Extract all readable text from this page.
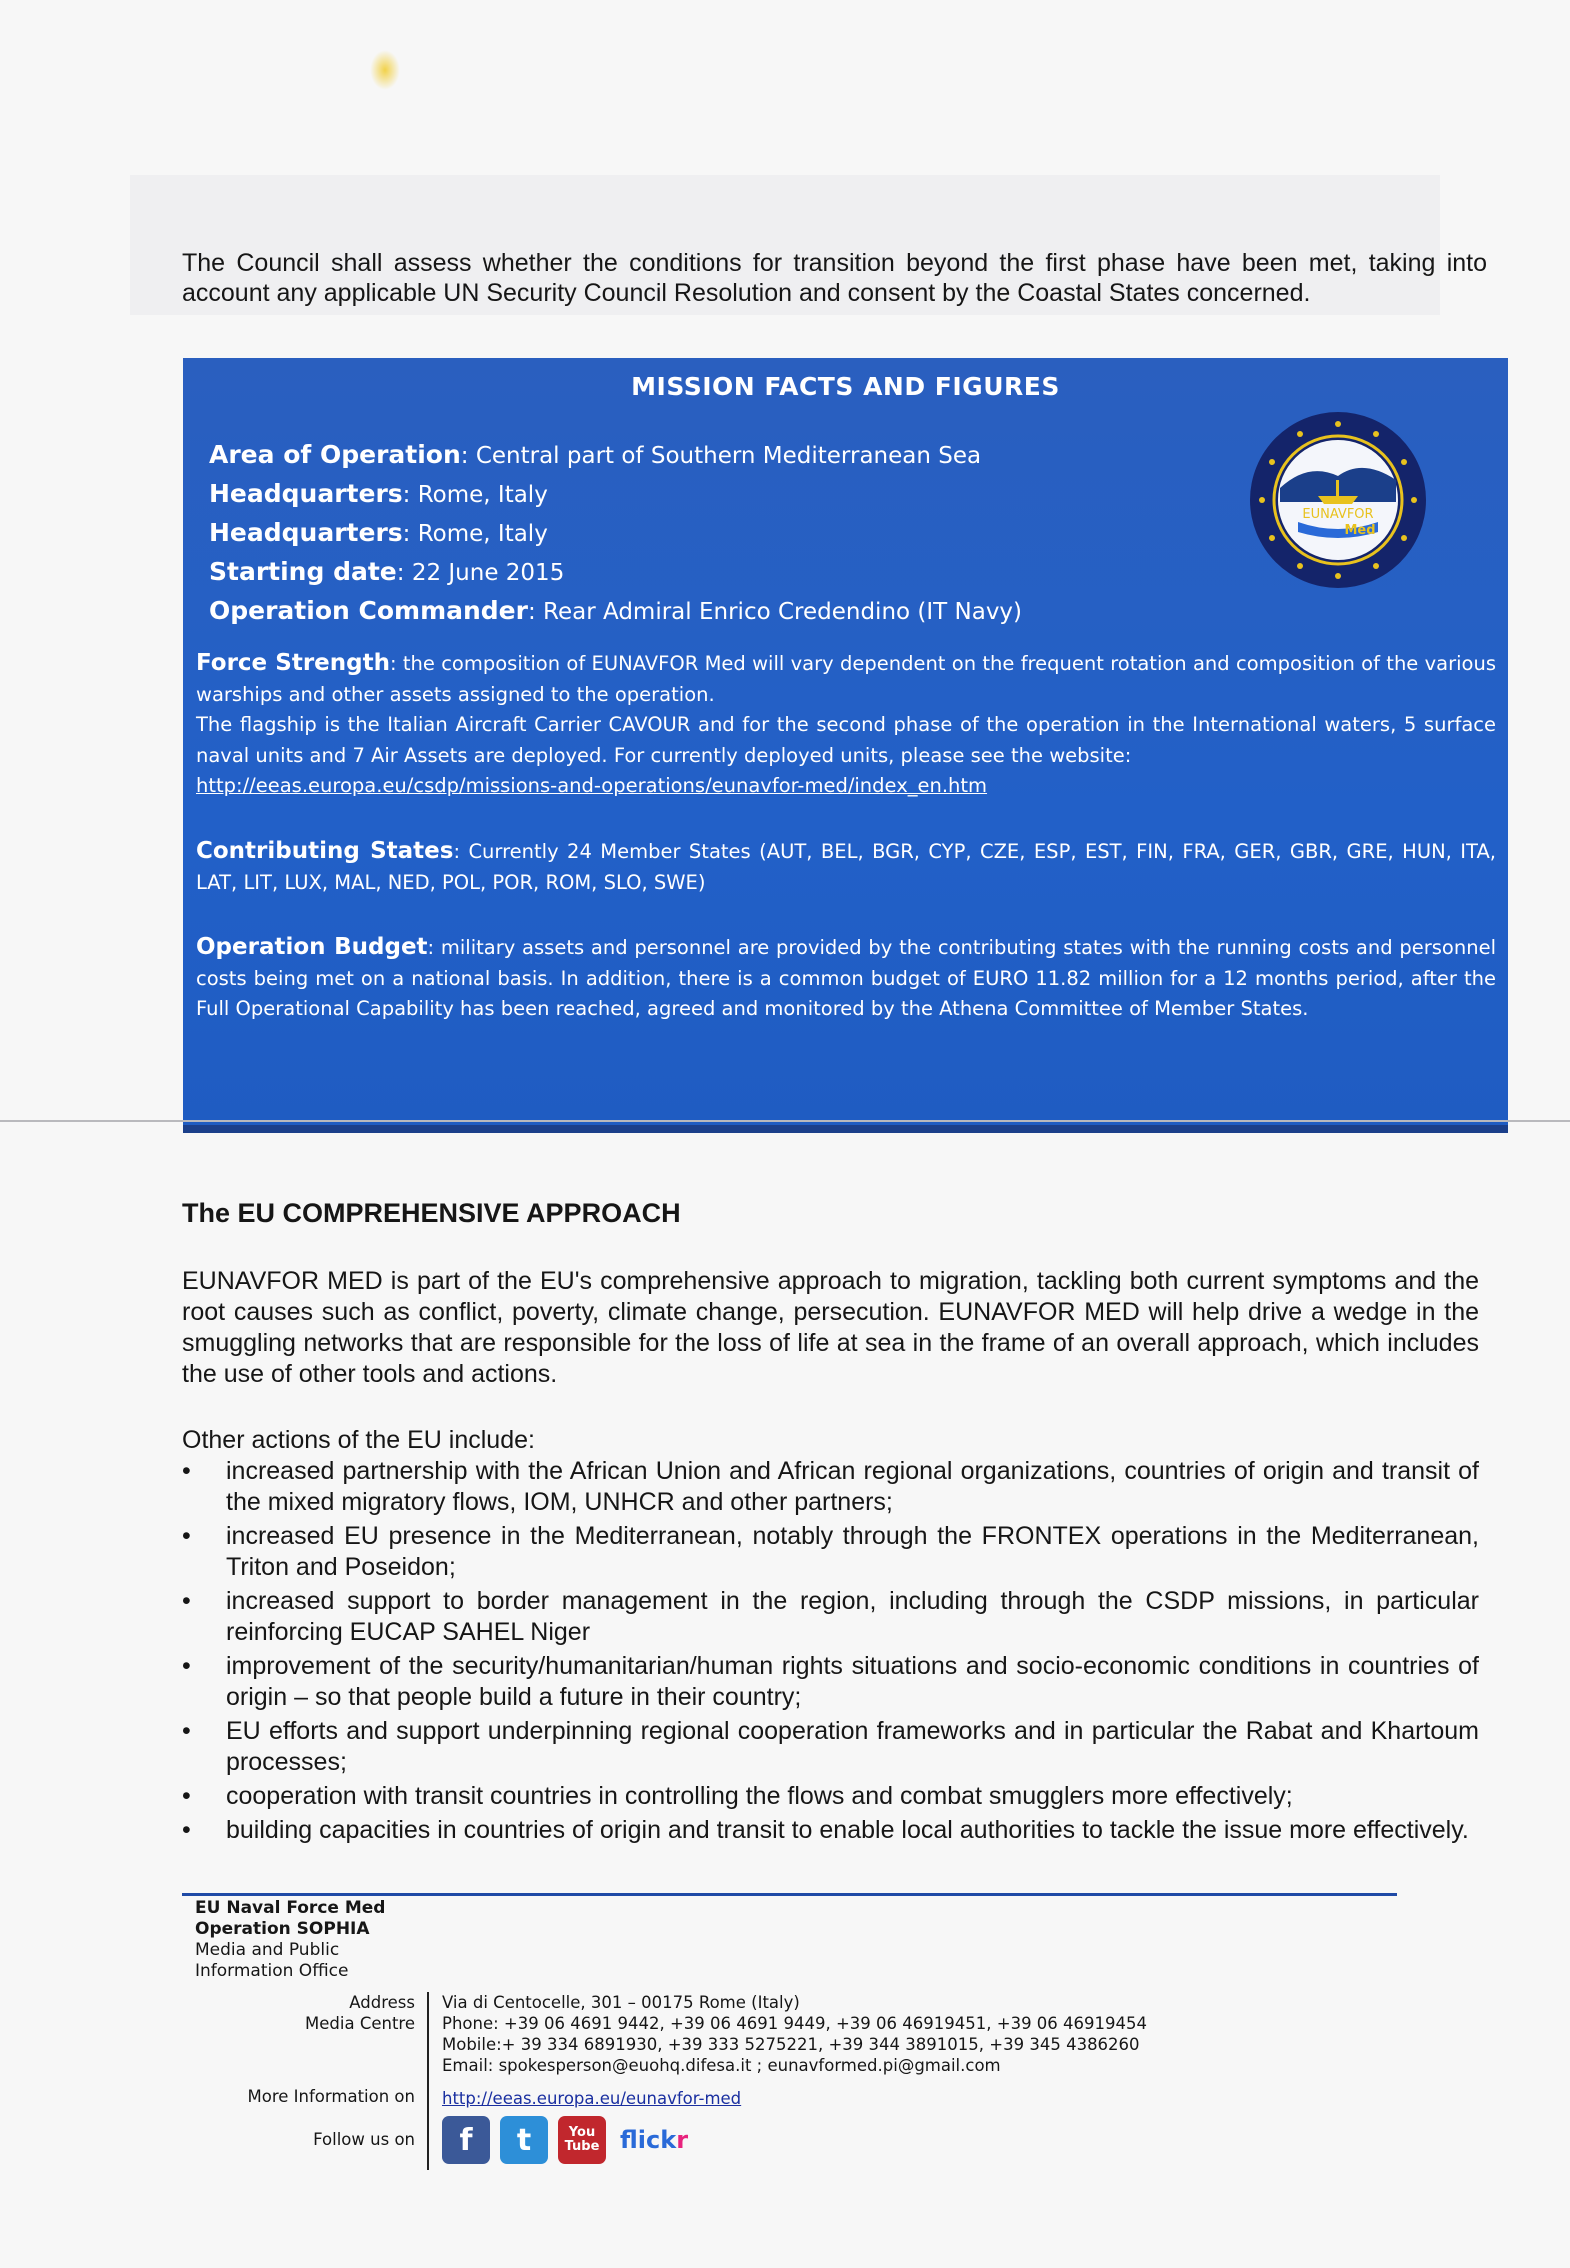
The Council shall assess whether the conditions for transition beyond the first phase have been met, taking into account any applicable UN Security Council Resolution and consent by the Coastal States concerned.

MISSION FACTS AND FIGURES
Area of Operation: Central part of Southern Mediterranean Sea
Headquarters: Rome, Italy
Headquarters: Rome, Italy
Starting date: 22 June 2015
Operation Commander: Rear Admiral Enrico Credendino (IT Navy)
EUNAVFOR
Med
Force Strength: the composition of EUNAVFOR Med will vary dependent on the frequent rotation and composition of the various warships and other assets assigned to the operation.
The flagship is the Italian Aircraft Carrier CAVOUR and for the second phase of the operation in the International waters, 5 surface naval units and 7 Air Assets are deployed. For currently deployed units, please see the website:
http://eeas.europa.eu/csdp/missions-and-operations/eunavfor-med/index_en.htm
Contributing States: Currently 24 Member States (AUT, BEL, BGR, CYP, CZE, ESP, EST, FIN, FRA, GER, GBR, GRE, HUN, ITA, LAT, LIT, LUX, MAL, NED, POL, POR, ROM, SLO, SWE)
Operation Budget: military assets and personnel are provided by the contributing states with the running costs and personnel costs being met on a national basis. In addition, there is a common budget of EURO 11.82 million for a 12 months period, after the Full Operational Capability has been reached, agreed and monitored by the Athena Committee of Member States.
The EU COMPREHENSIVE APPROACH

EUNAVFOR MED is part of the EU's comprehensive approach to migration, tackling both current symptoms and the root causes such as conflict, poverty, climate change, persecution. EUNAVFOR MED will help drive a wedge in the smuggling networks that are responsible for the loss of life at sea in the frame of an overall approach, which includes the use of other tools and actions.

Other actions of the EU include:
• increased partnership with the African Union and African regional organizations, countries of origin and transit of the mixed migratory flows, IOM, UNHCR and other partners;
• increased EU presence in the Mediterranean, notably through the FRONTEX operations in the Mediterranean, Triton and Poseidon;
• increased support to border management in the region, including through the CSDP missions, in particular reinforcing EUCAP SAHEL Niger
• improvement of the security/humanitarian/human rights situations and socio-economic conditions in countries of origin – so that people build a future in their country;
• EU efforts and support underpinning regional cooperation frameworks and in particular the Rabat and Khartoum processes;
• cooperation with transit countries in controlling the flows and combat smugglers more effectively;
• building capacities in countries of origin and transit to enable local authorities to tackle the issue more effectively.
EU Naval Force Med
Operation SOPHIA
Media and Public
Information Office
Address
Media Centre
More Information on
Follow us on
Via di Centocelle, 301 – 00175 Rome (Italy)
Phone: +39 06 4691 9442, +39 06 4691 9449, +39 06 46919451, +39 06 46919454
Mobile:+ 39 334 6891930, +39 333 5275221, +39 344 3891015, +39 345 4386260
Email: spokesperson@euohq.difesa.it ; eunavformed.pi@gmail.com
http://eeas.europa.eu/eunavfor-med
f	t	You
Tube flick r
